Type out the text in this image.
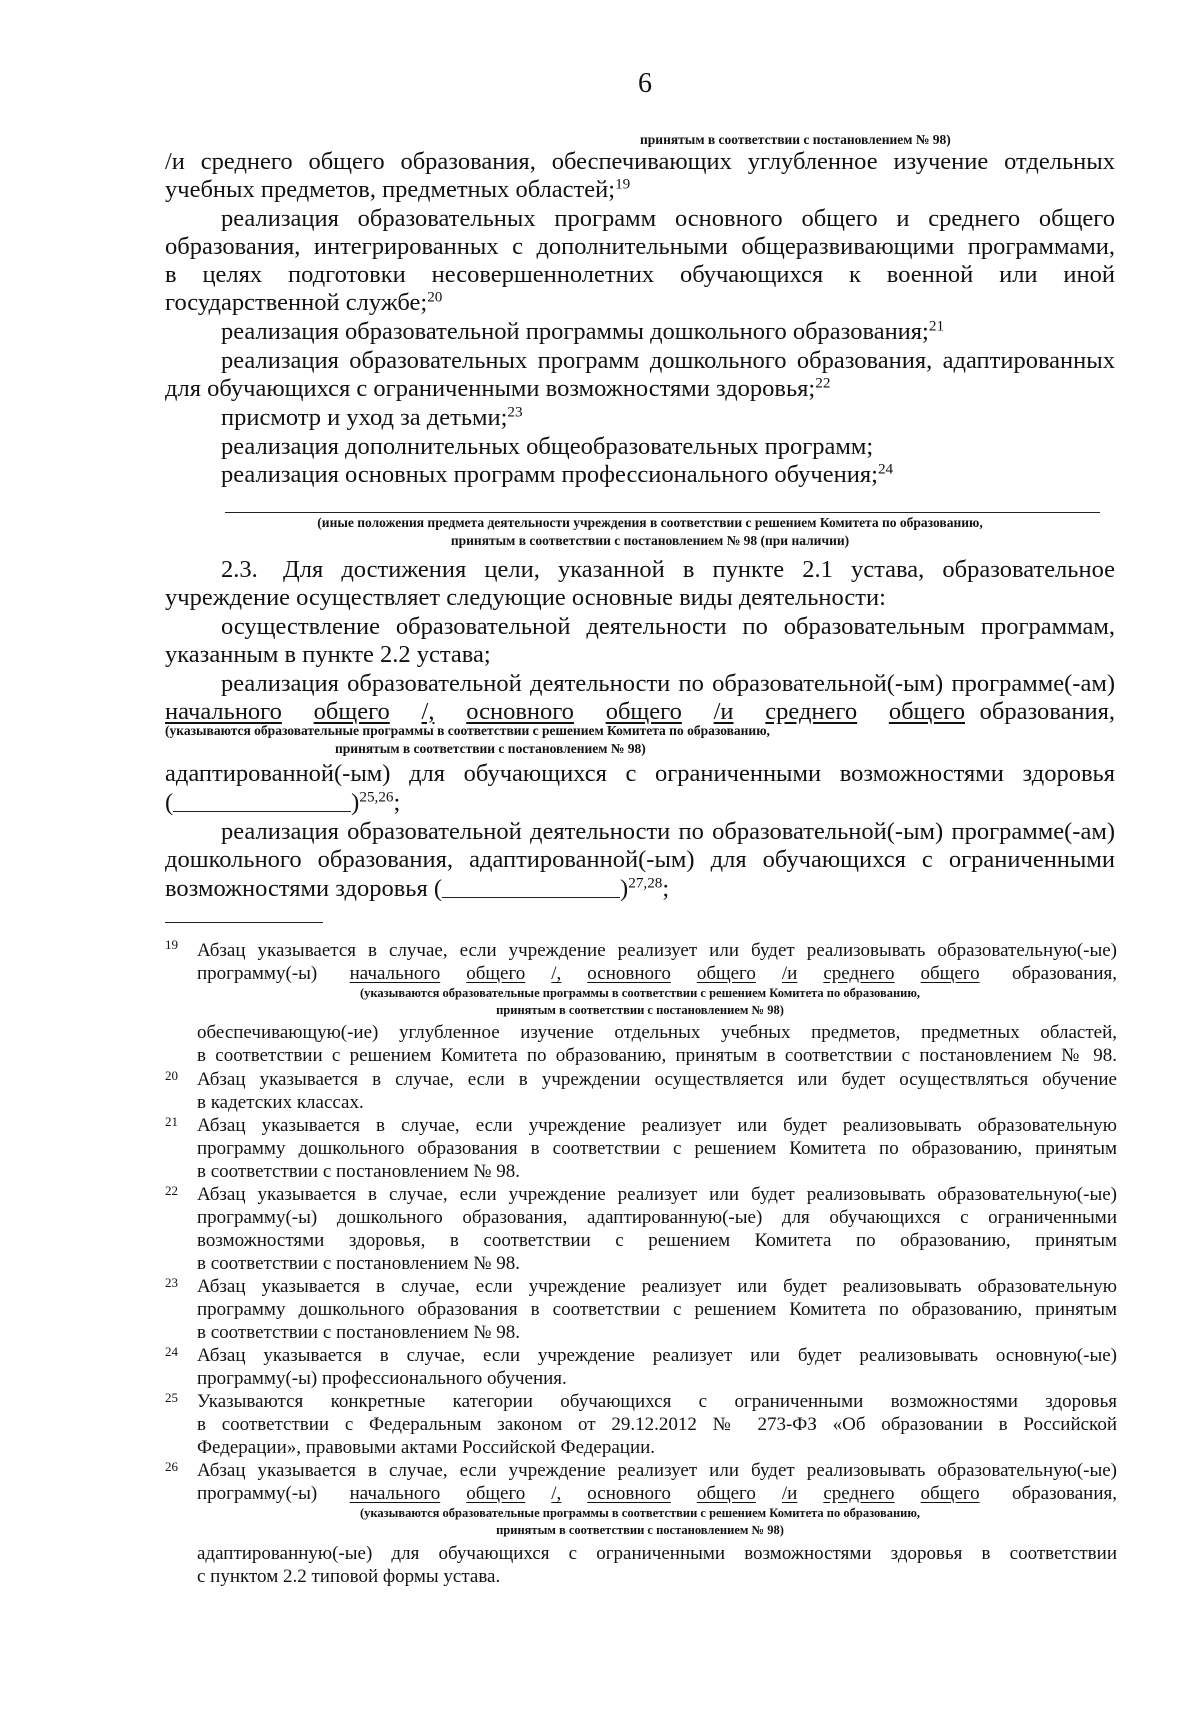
6
принятым в соответствии с постановлением № 98)
/и среднего общего образования, обеспечивающих углубленное изучение отдельных
учебных предметов, предметных областей;$^{19}$
реализация образовательных программ основного общего и среднего общего
образования, интегрированных с дополнительными общеразвивающими программами,
в целях подготовки несовершеннолетних обучающихся к военной или иной
государственной службе;$^{20}$
реализация образовательной программы дошкольного образования;$^{21}$
реализация образовательных программ дошкольного образования, адаптированных
для обучающихся с ограниченными возможностями здоровья;$^{22}$
присмотр и уход за детьми;$^{23}$
реализация дополнительных общеобразовательных программ;
реализация основных программ профессионального обучения;$^{24}$
(иные положения предмета деятельности учреждения в соответствии с решением Комитета по образованию,
принятым в соответствии с постановлением № 98 (при наличии)
2.3. Для достижения цели, указанной в пункте 2.1 устава, образовательное
учреждение осуществляет следующие основные виды деятельности:
осуществление образовательной деятельности по образовательным программам,
указанным в пункте 2.2 устава;
реализация образовательной деятельности по образовательной(-ым) программе(-ам)
начального общего /, основного общего /и среднего общего образования,
(указываются образовательные программы в соответствии с решением Комитета по образованию,
принятым в соответствии с постановлением № 98)
адаптированной(-ым) для обучающихся с ограниченными возможностями здоровья
(	)$^{25,26}$;
реализация образовательной деятельности по образовательной(-ым) программе(-ам)
дошкольного образования, адаптированной(-ым) для обучающихся с ограниченными
возможностями здоровья (	)$^{27,28}$;
19 Абзац указывается в случае, если учреждение реализует или будет реализовывать образовательную(-ые)
программу(-ы) начального общего /, основного общего /и среднего общего образования,
(указываются образовательные программы в соответствии с решением Комитета по образованию,
принятым в соответствии с постановлением № 98)
обеспечивающую(-ие) углубленное изучение отдельных учебных предметов, предметных областей,
в соответствии с решением Комитета по образованию, принятым в соответствии с постановлением № 98.
20 Абзац указывается в случае, если в учреждении осуществляется или будет осуществляться обучение
в кадетских классах.
21 Абзац указывается в случае, если учреждение реализует или будет реализовывать образовательную
программу дошкольного образования в соответствии с решением Комитета по образованию, принятым
в соответствии с постановлением № 98.
22 Абзац указывается в случае, если учреждение реализует или будет реализовывать образовательную(-ые)
программу(-ы) дошкольного образования, адаптированную(-ые) для обучающихся с ограниченными
возможностями здоровья, в соответствии с решением Комитета по образованию, принятым
в соответствии с постановлением № 98.
23 Абзац указывается в случае, если учреждение реализует или будет реализовывать образовательную
программу дошкольного образования в соответствии с решением Комитета по образованию, принятым
в соответствии с постановлением № 98.
24 Абзац указывается в случае, если учреждение реализует или будет реализовывать основную(-ые)
программу(-ы) профессионального обучения.
25 Указываются конкретные категории обучающихся с ограниченными возможностями здоровья
в соответствии с Федеральным законом от 29.12.2012 № 273-ФЗ «Об образовании в Российской
Федерации», правовыми актами Российской Федерации.
26 Абзац указывается в случае, если учреждение реализует или будет реализовывать образовательную(-ые)
программу(-ы) начального общего /, основного общего /и среднего общего образования,
(указываются образовательные программы в соответствии с решением Комитета по образованию,
принятым в соответствии с постановлением № 98)
адаптированную(-ые) для обучающихся с ограниченными возможностями здоровья в соответствии
с пунктом 2.2 типовой формы устава.
